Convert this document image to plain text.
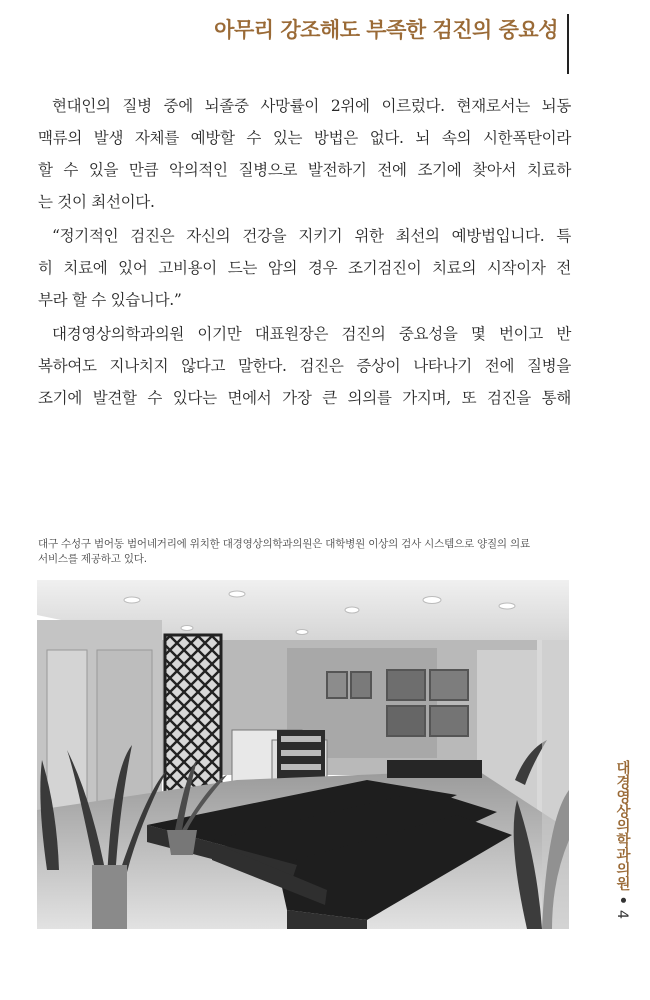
아무리 강조해도 부족한 검진의 중요성
현대인의 질병 중에 뇌졸중 사망률이 2위에 이르렀다. 현재로서는 뇌동
맥류의 발생 자체를 예방할 수 있는 방법은 없다. 뇌 속의 시한폭탄이라
할 수 있을 만큼 악의적인 질병으로 발전하기 전에 조기에 찾아서 치료하
는 것이 최선이다.
“정기적인 검진은 자신의 건강을 지키기 위한 최선의 예방법입니다. 특
히 치료에 있어 고비용이 드는 암의 경우 조기검진이 치료의 시작이자 전
부라 할 수 있습니다.”
대경영상의학과의원 이기만 대표원장은 검진의 중요성을 몇 번이고 반
복하여도 지나치지 않다고 말한다. 검진은 증상이 나타나기 전에 질병을
조기에 발견할 수 있다는 면에서 가장 큰 의의를 가지며, 또 검진을 통해
대구 수성구 범어동 범어네거리에 위치한 대경영상의학과의원은 대학병원 이상의 검사 시스템으로 양질의 의료
서비스를 제공하고 있다.
대경영상의학과의원 • 4
